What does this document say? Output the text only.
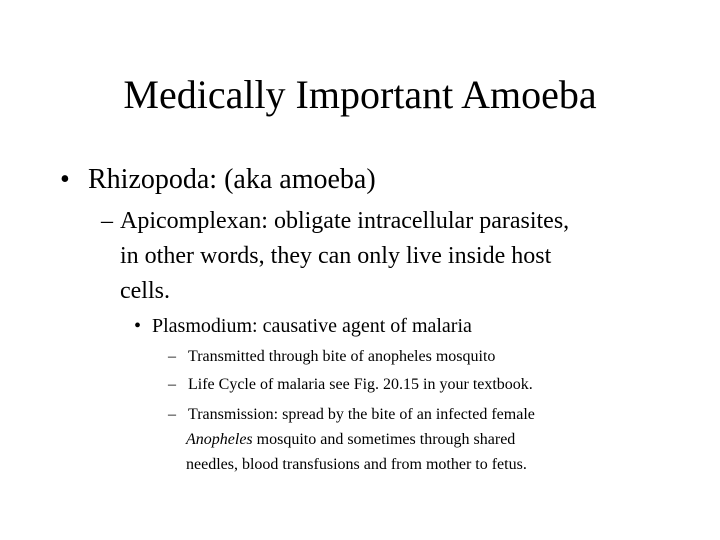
Medically Important Amoeba
• Rhizopoda: (aka amoeba)
– Apicomplexan: obligate intracellular parasites,
in other words, they can only live inside host
cells.
• Plasmodium: causative agent of malaria
– Transmitted through bite of anopheles mosquito
– Life Cycle of malaria see Fig. 20.15 in your textbook.
– Transmission: spread by the bite of an infected female
Anopheles mosquito and sometimes through shared
needles, blood transfusions and from mother to fetus.
